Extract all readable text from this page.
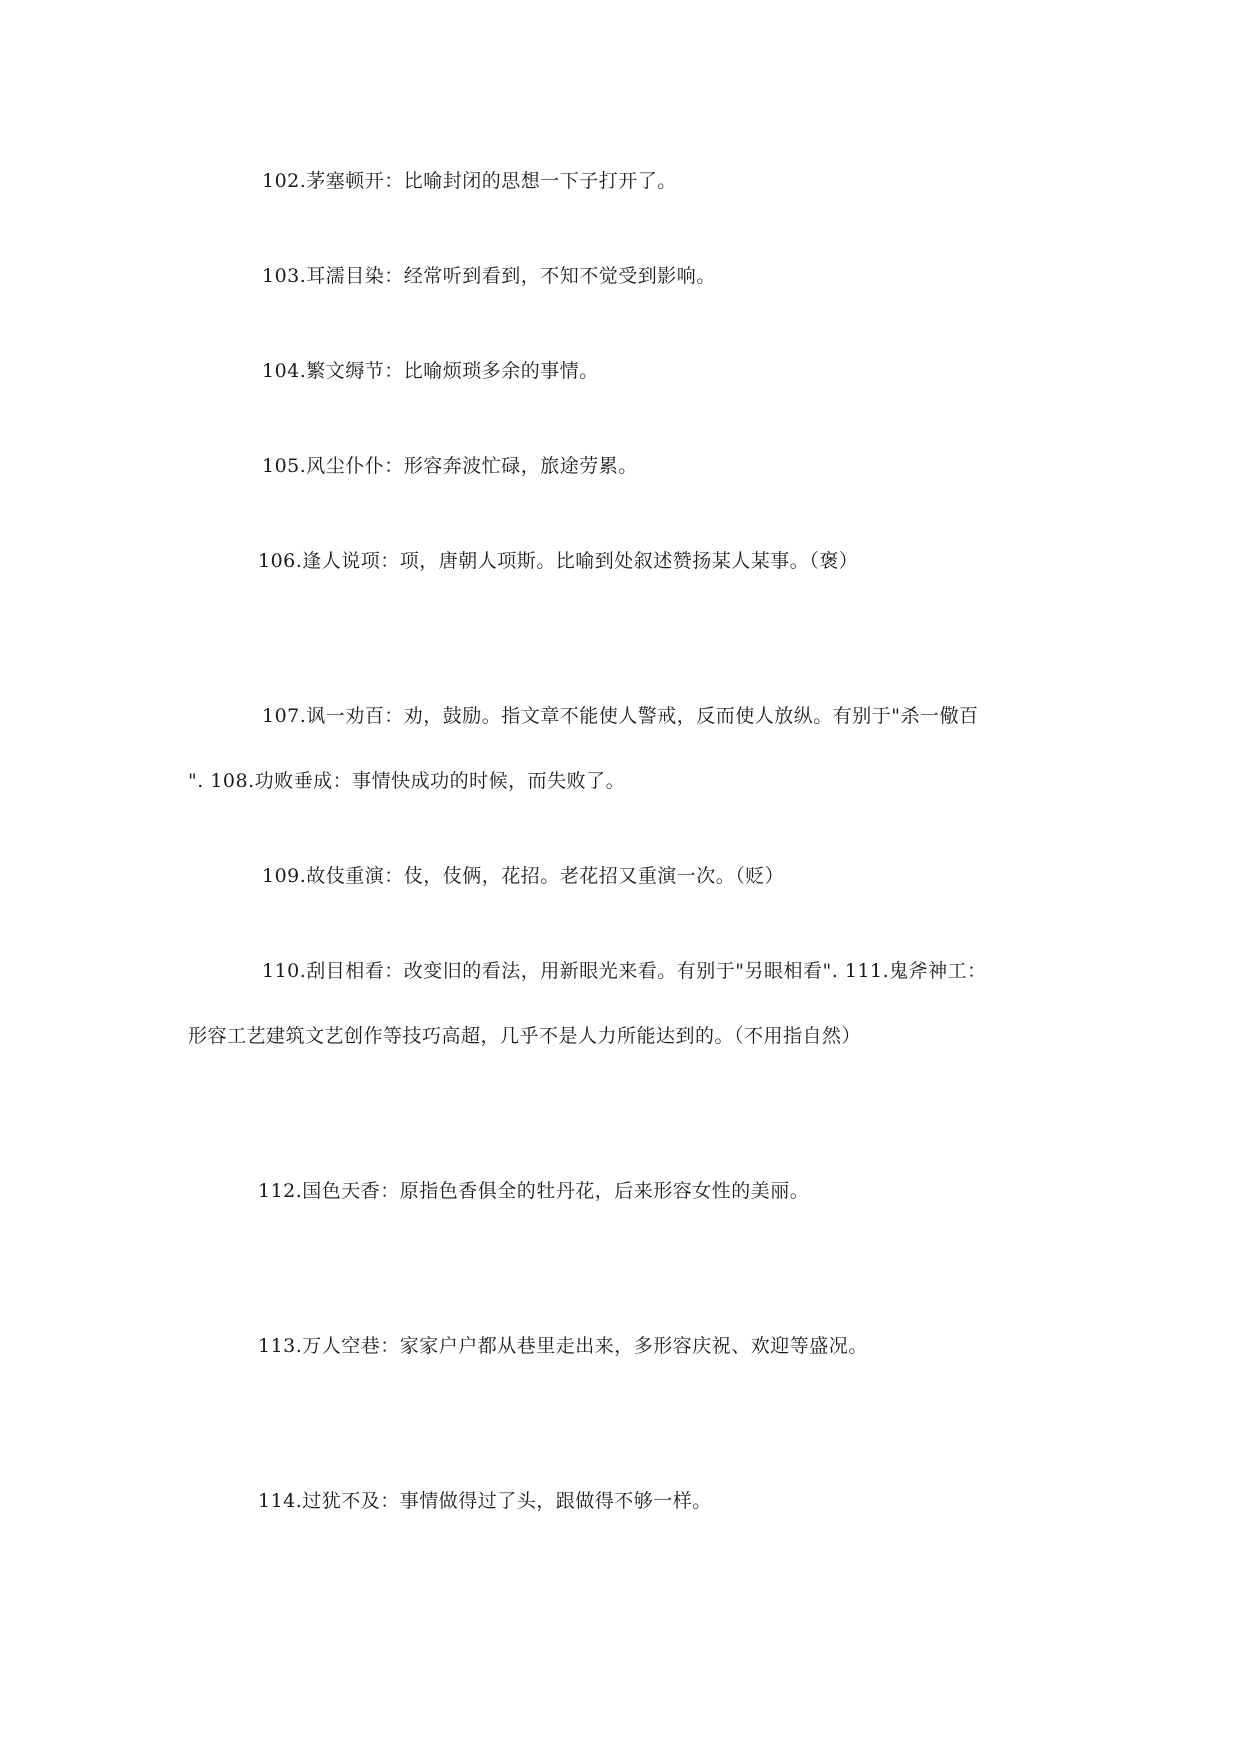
102.茅塞顿开：比喻封闭的思想一下子打开了。
103.耳濡目染：经常听到看到，不知不觉受到影响。
104.繁文缛节：比喻烦琐多余的事情。
105.风尘仆仆：形容奔波忙碌，旅途劳累。
106.逢人说项：项，唐朝人项斯。比喻到处叙述赞扬某人某事。（褒）
107.讽一劝百：劝，鼓励。指文章不能使人警戒，反而使人放纵。有别于"杀一儆百
". 108.功败垂成：事情快成功的时候，而失败了。
109.故伎重演：伎，伎俩，花招。老花招又重演一次。（贬）
110.刮目相看：改变旧的看法，用新眼光来看。有别于"另眼相看". 111.鬼斧神工：
形容工艺建筑文艺创作等技巧高超，几乎不是人力所能达到的。（不用指自然）
112.国色天香：原指色香俱全的牡丹花，后来形容女性的美丽。
113.万人空巷：家家户户都从巷里走出来，多形容庆祝、欢迎等盛况。
114.过犹不及：事情做得过了头，跟做得不够一样。
